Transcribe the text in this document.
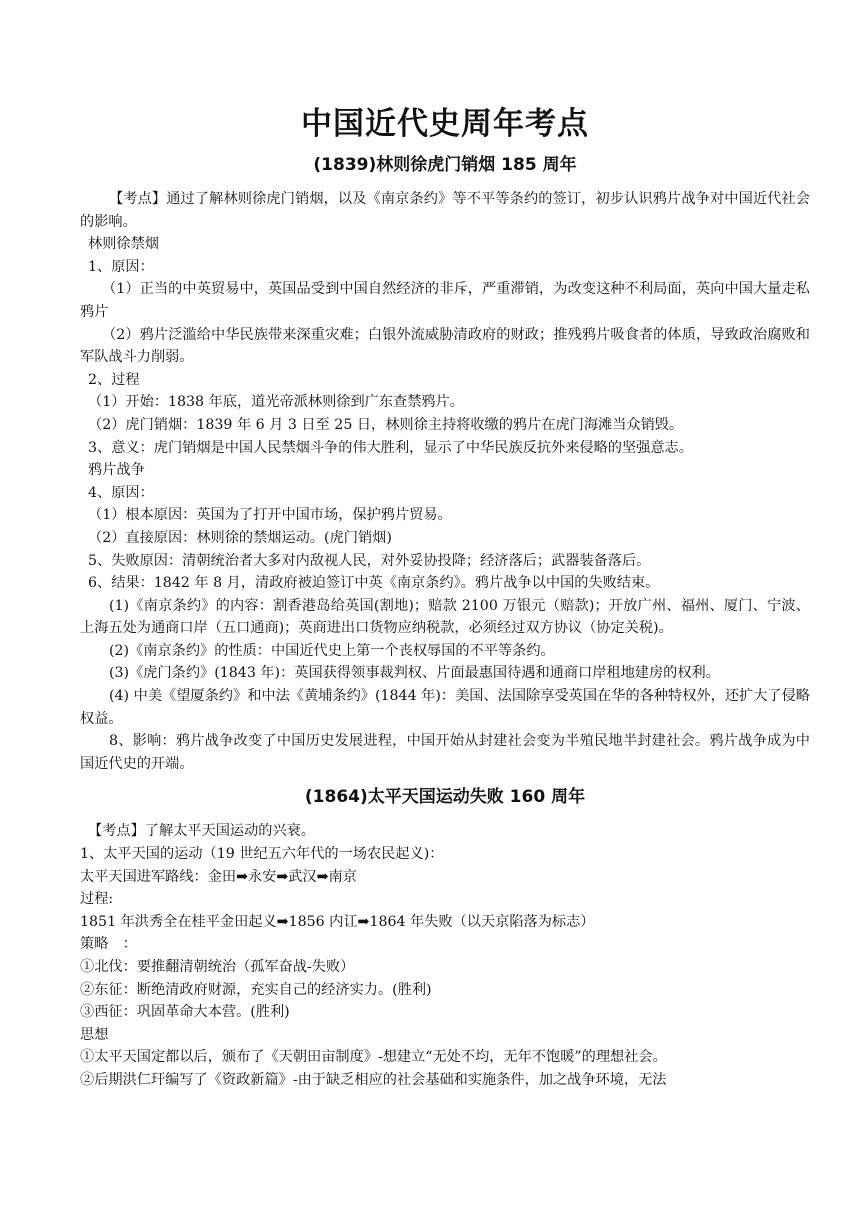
中国近代史周年考点
(1839)林则徐虎门销烟 185 周年

【考点】通过了解林则徐虎门销烟，以及《南京条约》等不平等条约的签订，初步认识鸦片战争对中国近代社会的影响。

林则徐禁烟

1、原因：

（1）正当的中英贸易中，英国品受到中国自然经济的非斥，严重滞销，为改变这种不利局面，英向中国大量走私鸦片

（2）鸦片泛滥给中华民族带来深重灾难；白银外流威胁清政府的财政；推残鸦片吸食者的体质，导致政治腐败和军队战斗力削弱。

2、过程

（1）开始：1838 年底，道光帝派林则徐到广东查禁鸦片。

（2）虎门销烟：1839 年 6 月 3 日至 25 日，林则徐主持将收缴的鸦片在虎门海滩当众销毁。

3、意义：虎门销烟是中国人民禁烟斗争的伟大胜利，显示了中华民族反抗外来侵略的坚强意志。

鸦片战争

4、原因：

（1）根本原因：英国为了打开中国市场，保护鸦片贸易。

（2）直接原因：林则徐的禁烟运动。(虎门销烟)

5、失败原因：清朝统治者大多对内敌视人民，对外妥协投降；经济落后；武器装备落后。

6、结果：1842 年 8 月，清政府被迫签订中英《南京条约》。鸦片战争以中国的失败结束。

(1)《南京条约》的内容：割香港岛给英国(割地)；赔款 2100 万银元（赔款)；开放广州、福州、厦门、宁波、上海五处为通商口岸（五口通商)；英商进出口货物应纳税款，必须经过双方协议（协定关税)。

(2)《南京条约》的性质：中国近代史上第一个丧权辱国的不平等条约。

(3)《虎门条约》(1843 年)：英国获得领事裁判权、片面最惠国待遇和通商口岸租地建房的权利。

(4) 中美《望厦条约》和中法《黄埔条约》(1844 年)：美国、法国除享受英国在华的各种特权外，还扩大了侵略权益。

8、影响：鸦片战争改变了中国历史发展进程，中国开始从封建社会变为半殖民地半封建社会。鸦片战争成为中国近代史的开端。

(1864)太平天国运动失败 160 周年

【考点】了解太平天国运动的兴衰。

1、太平天国的运动（19 世纪五六年代的一场农民起义)：

太平天国进军路线：金田➡永安➡武汉➡南京

过程:

1851 年洪秀全在桂平金田起义➡1856 内讧➡1864 年失败（以天京陷落为标志）

策略　：

①北伐：要推翻清朝统治（孤军奋战-失败）

②东征：断绝清政府财源，充实自己的经济实力。(胜利)

③西征：巩固革命大本营。(胜利)

思想

①太平天国定都以后，颁布了《天朝田亩制度》-想建立“无处不均，无年不饱暖”的理想社会。

②后期洪仁玕编写了《资政新篇》-由于缺乏相应的社会基础和实施条件，加之战争环境，无法
